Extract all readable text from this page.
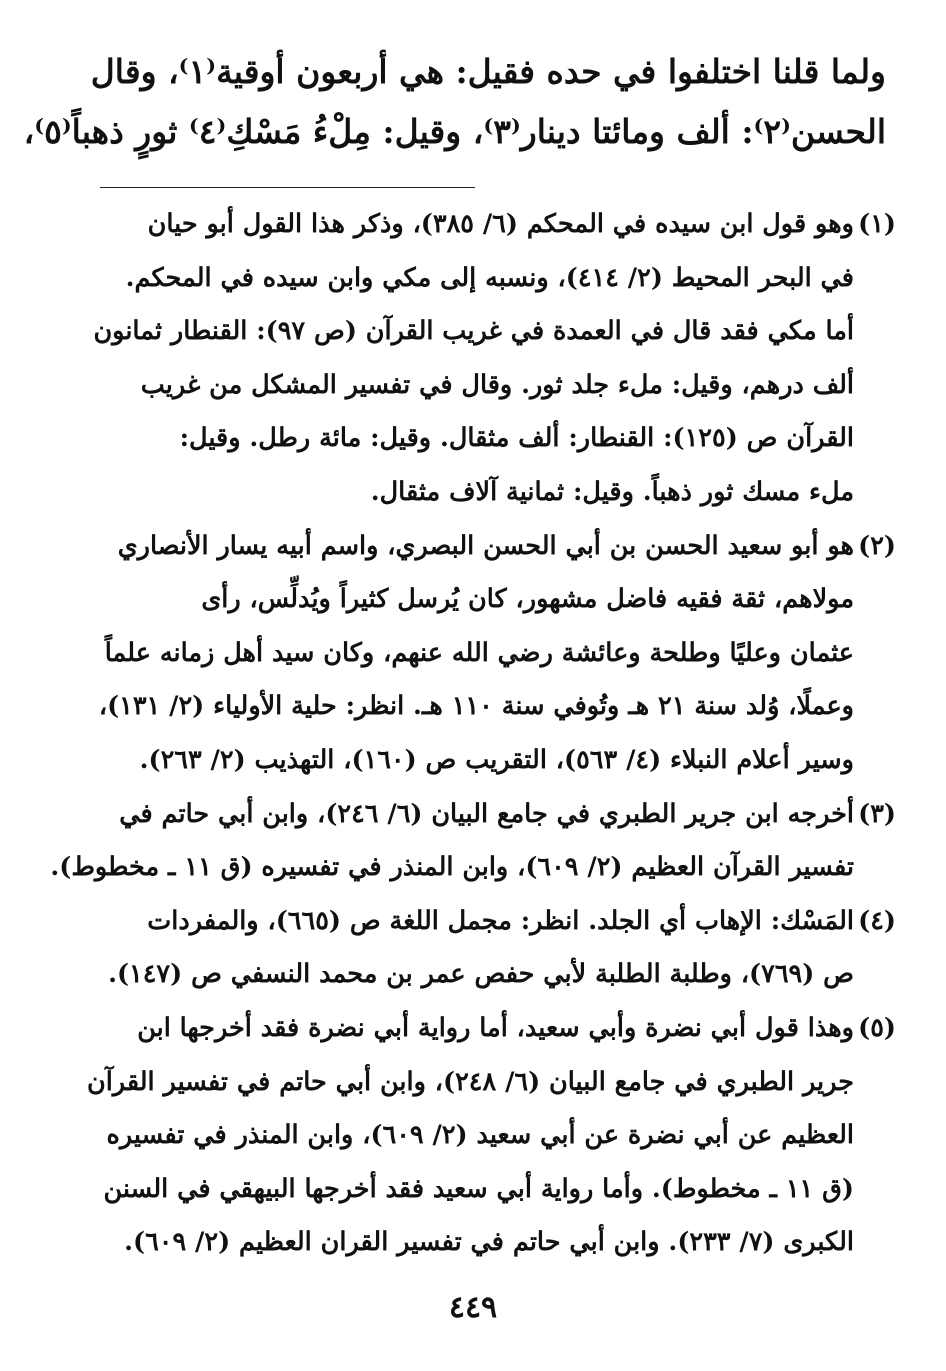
ولما قلنا اختلفوا في حده فقيل: هي أربعون أوقية⁽١⁾، وقال
الحسن⁽٢⁾: ألف ومائتا دينار⁽٣⁾، وقيل: مِلْءُ مَسْكِ⁽٤⁾ ثورٍ ذهباً⁽٥⁾،
(١)
وهو قول ابن سيده في المحكم (٦/ ٣٨٥)، وذكر هذا القول أبو حيان
في البحر المحيط (٢/ ٤١٤)، ونسبه إلى مكي وابن سيده في المحكم.
أما مكي فقد قال في العمدة في غريب القرآن (ص ٩٧): القنطار ثمانون
ألف درهم، وقيل: ملء جلد ثور. وقال في تفسير المشكل من غريب
القرآن ص (١٢٥): القنطار: ألف مثقال. وقيل: مائة رطل. وقيل:
ملء مسك ثور ذهباً. وقيل: ثمانية آلاف مثقال.
(٢)
هو أبو سعيد الحسن بن أبي الحسن البصري، واسم أبيه يسار الأنصاري
مولاهم، ثقة فقيه فاضل مشهور، كان يُرسل كثيراً ويُدلِّس، رأى
عثمان وعليًا وطلحة وعائشة رضي الله عنهم، وكان سيد أهل زمانه علماً
وعملًا، وُلد سنة ٢١ هـ وتُوفي سنة ١١٠ هـ. انظر: حلية الأولياء (٢/ ١٣١)،
وسير أعلام النبلاء (٤/ ٥٦٣)، التقريب ص (١٦٠)، التهذيب (٢/ ٢٦٣).
(٣)
أخرجه ابن جرير الطبري في جامع البيان (٦/ ٢٤٦)، وابن أبي حاتم في
تفسير القرآن العظيم (٢/ ٦٠٩)، وابن المنذر في تفسيره (ق ١١ ـ مخطوط).
(٤)
المَسْك: الإهاب أي الجلد. انظر: مجمل اللغة ص (٦٦٥)، والمفردات
ص (٧٦٩)، وطلبة الطلبة لأبي حفص عمر بن محمد النسفي ص (١٤٧).
(٥)
وهذا قول أبي نضرة وأبي سعيد، أما رواية أبي نضرة فقد أخرجها ابن
جرير الطبري في جامع البيان (٦/ ٢٤٨)، وابن أبي حاتم في تفسير القرآن
العظيم عن أبي نضرة عن أبي سعيد (٢/ ٦٠٩)، وابن المنذر في تفسيره
(ق ١١ ـ مخطوط). وأما رواية أبي سعيد فقد أخرجها البيهقي في السنن
الكبرى (٧/ ٢٣٣). وابن أبي حاتم في تفسير القران العظيم (٢/ ٦٠٩).
٤٤٩
